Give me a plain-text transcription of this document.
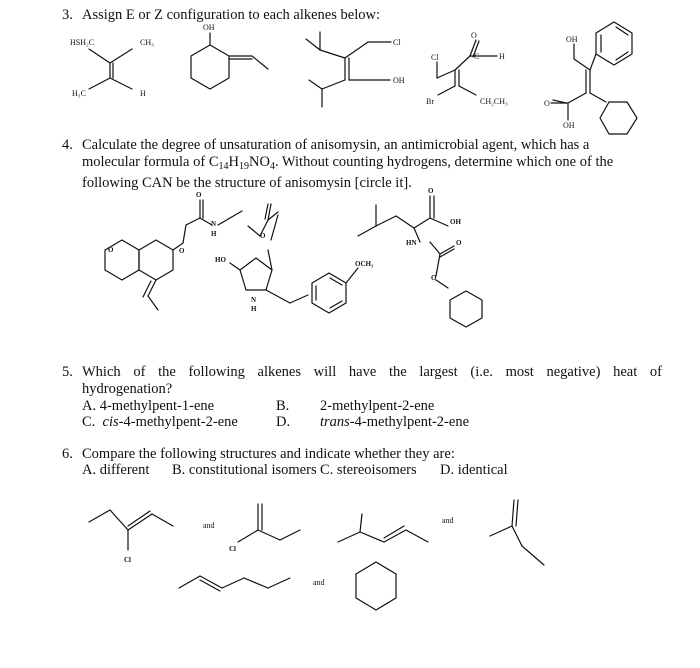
3. Assign E or Z configuration to each alkenes below:
4. Calculate the degree of unsaturation of anisomysin, an antimicrobial agent, which has a
molecular formula of $C_{14}H_{19}NO_4$. Without counting hydrogens, determine which one of the
following CAN be the structure of anisomysin [circle it].
5. Which of the following alkenes will have the largest (i.e. most negative) heat of
hydrogenation?
A. 4-methylpent-1-ene	B. 2-methylpent-2-ene
C.  cis-4-methylpent-2-ene	D. trans-4-methylpent-2-ene
6. Compare the following structures and indicate whether they are:
A. different B. constitutional isomers C. stereoisomers D. identical
HSH₂C	CH₃
H₃C	H
OH
Cl
OH
Cl	C H
O
Br	CH₂CH₃
OH
OH
O
O
N
H
O
O
HO
O
N
H
OCH₃
O
OH
HN	O
O
Cl
and
Cl
and
and
